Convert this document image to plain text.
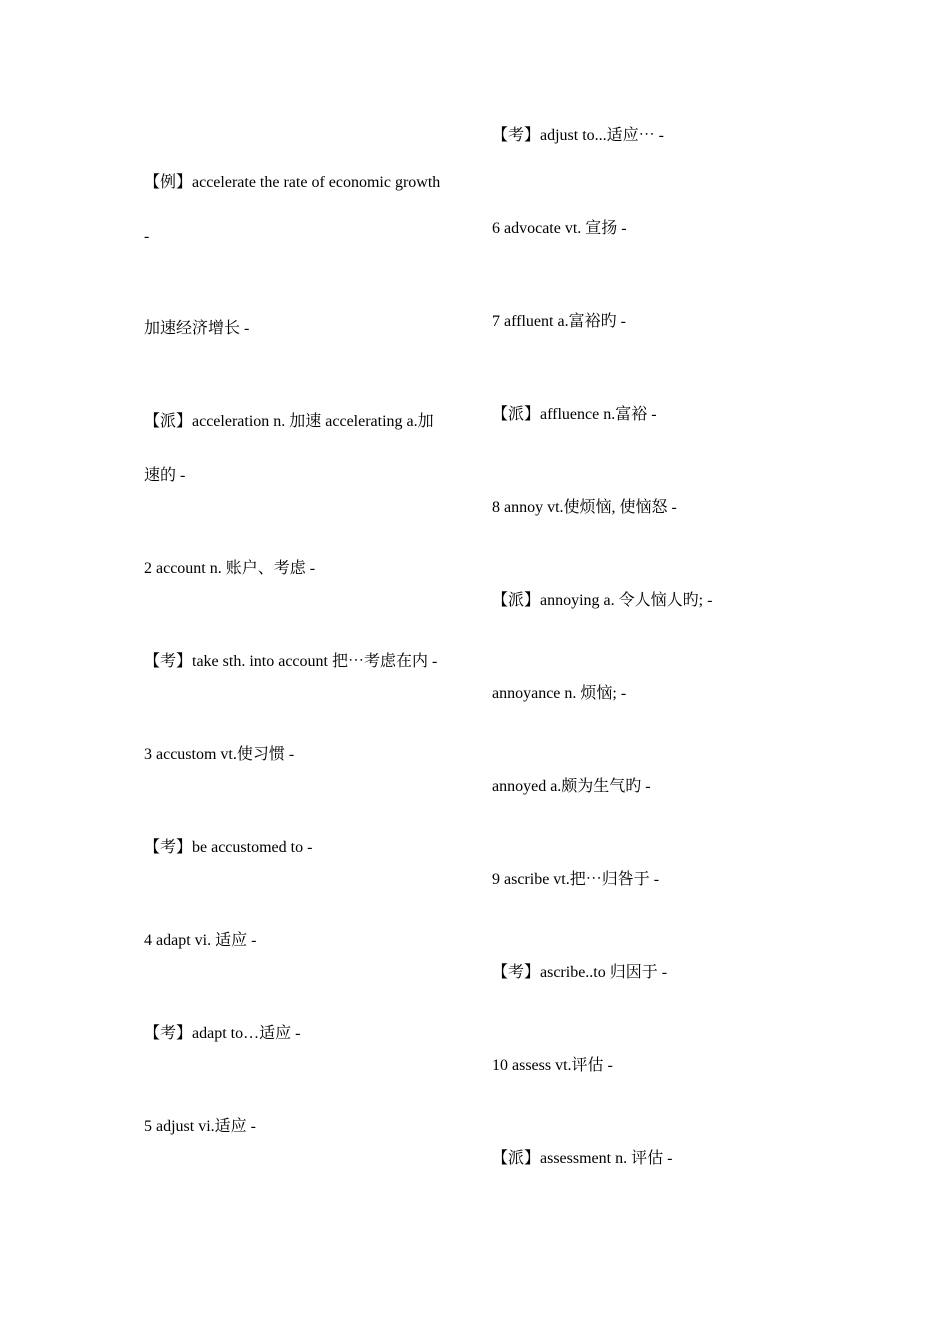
【例】accelerate the rate of economic growth
-
加速经济增长 -
【派】acceleration n. 加速 accelerating a.加
速的 -
2 account n. 账户、考虑 -
【考】take sth. into account 把⋯考虑在内 -
3 accustom vt.使习惯 -
【考】be accustomed to -
4 adapt vi. 适应 -
【考】adapt to…适应 -
5 adjust vi.适应 -
【考】adjust to...适应⋯ -
6 advocate vt. 宣扬 -
7 affluent a.富裕旳 -
【派】affluence n.富裕 -
8 annoy vt.使烦恼, 使恼怒 -
【派】annoying a. 令人恼人旳; -
annoyance n. 烦恼; -
annoyed a.颇为生气旳 -
9 ascribe vt.把⋯归咎于 -
【考】ascribe..to 归因于 -
10 assess vt.评估 -
【派】assessment n. 评估 -
